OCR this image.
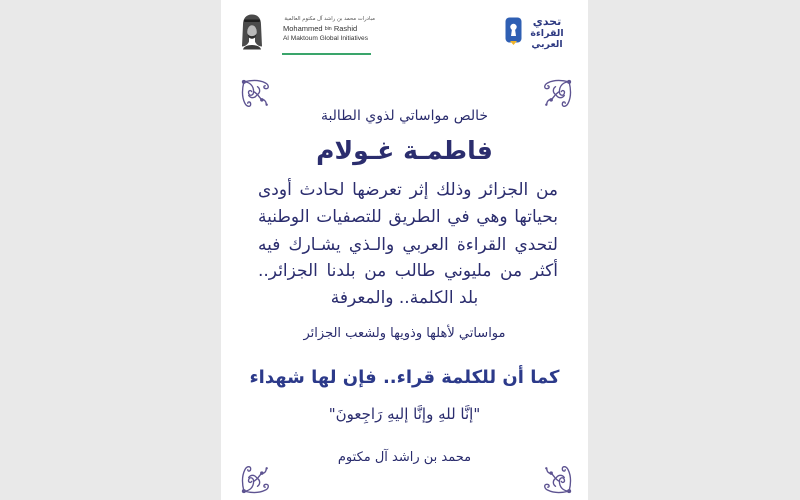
مبادرات محمد بن راشد آل مكتوم العالمية
Mohammed bin Rashid
Al Maktoum Global Initiatives
تحدي
القراءة
العربي
خالص مواساتي لذوي الطالبة
فاطمـة غـولام
من الجزائر وذلك إثر تعرضها لحادث أودى
بحياتها وهي في الطريق للتصفيات الوطنية
لتحدي القراءة العربي والـذي يشـارك فيه
أكثر من مليوني طالب من بلدنا الجزائر..
بلد الكلمة.. والمعرفة
مواساتي لأهلها وذويها ولشعب الجزائر
كما أن للكلمة قراء.. فإن لها شهداء
"إنَّا للهِ وإنَّا إليهِ رَاجِعونَ"
محمد بن راشد آل مكتوم
